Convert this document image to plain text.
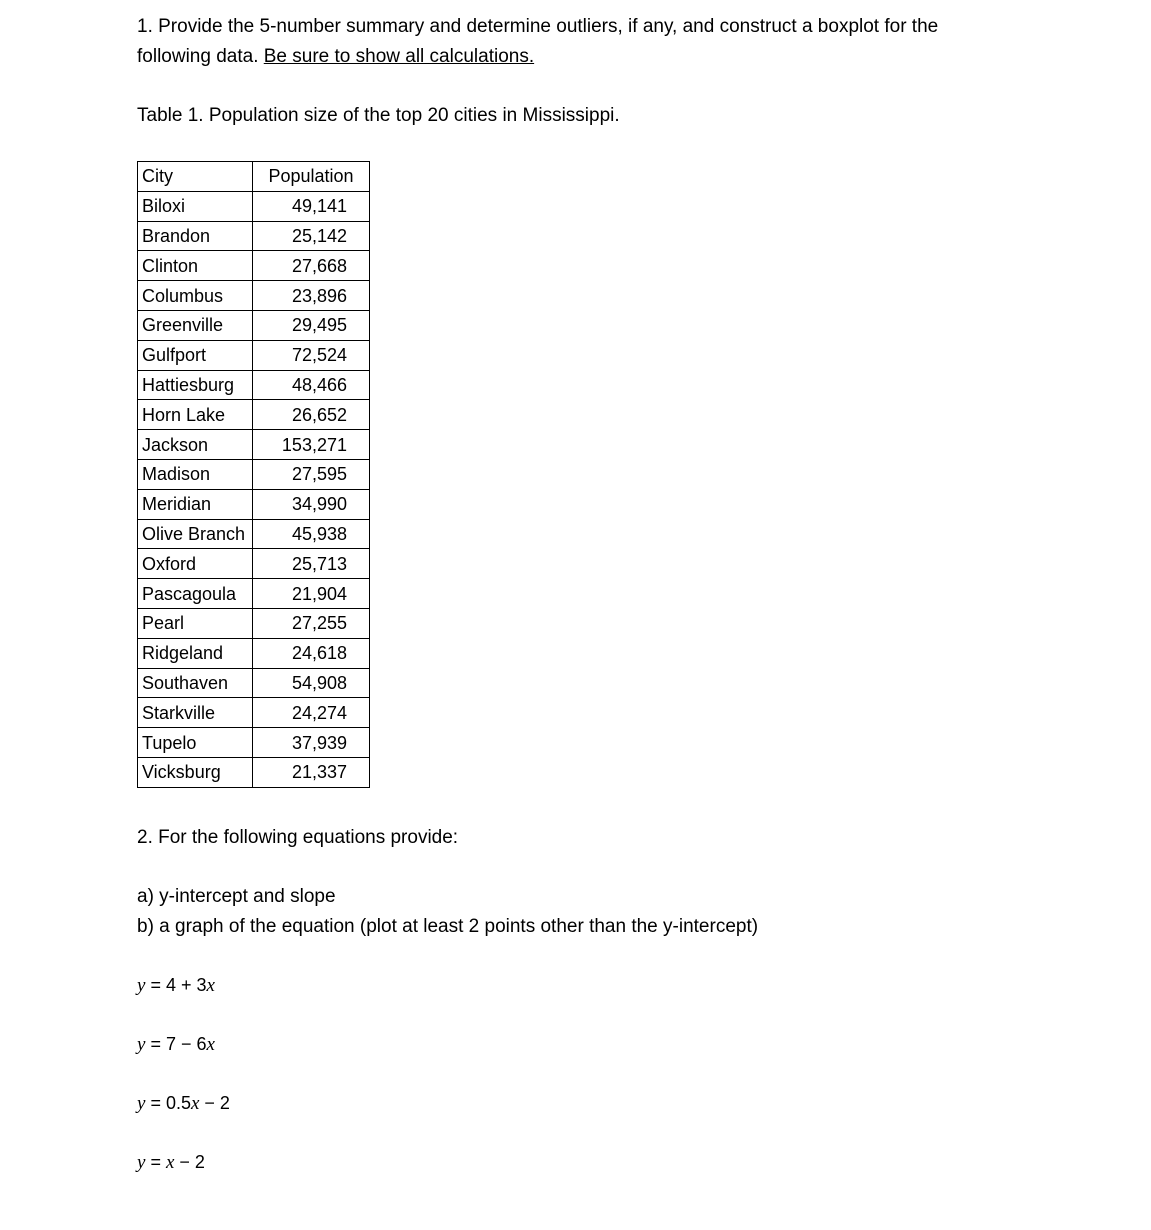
1. Provide the 5-number summary and determine outliers, if any, and construct a boxplot for the
following data. Be sure to show all calculations.
Table 1. Population size of the top 20 cities in Mississippi.
City	Population
Biloxi	49,141
Brandon	25,142
Clinton	27,668
Columbus	23,896
Greenville	29,495
Gulfport	72,524
Hattiesburg	48,466
Horn Lake	26,652
Jackson	153,271
Madison	27,595
Meridian	34,990
Olive Branch	45,938
Oxford	25,713
Pascagoula	21,904
Pearl	27,255
Ridgeland	24,618
Southaven	54,908
Starkville	24,274
Tupelo	37,939
Vicksburg	21,337
2. For the following equations provide:
a) y-intercept and slope
b) a graph of the equation (plot at least 2 points other than the y-intercept)
y = 4 + 3x
y = 7 − 6x
y = 0.5x − 2
y = x − 2
